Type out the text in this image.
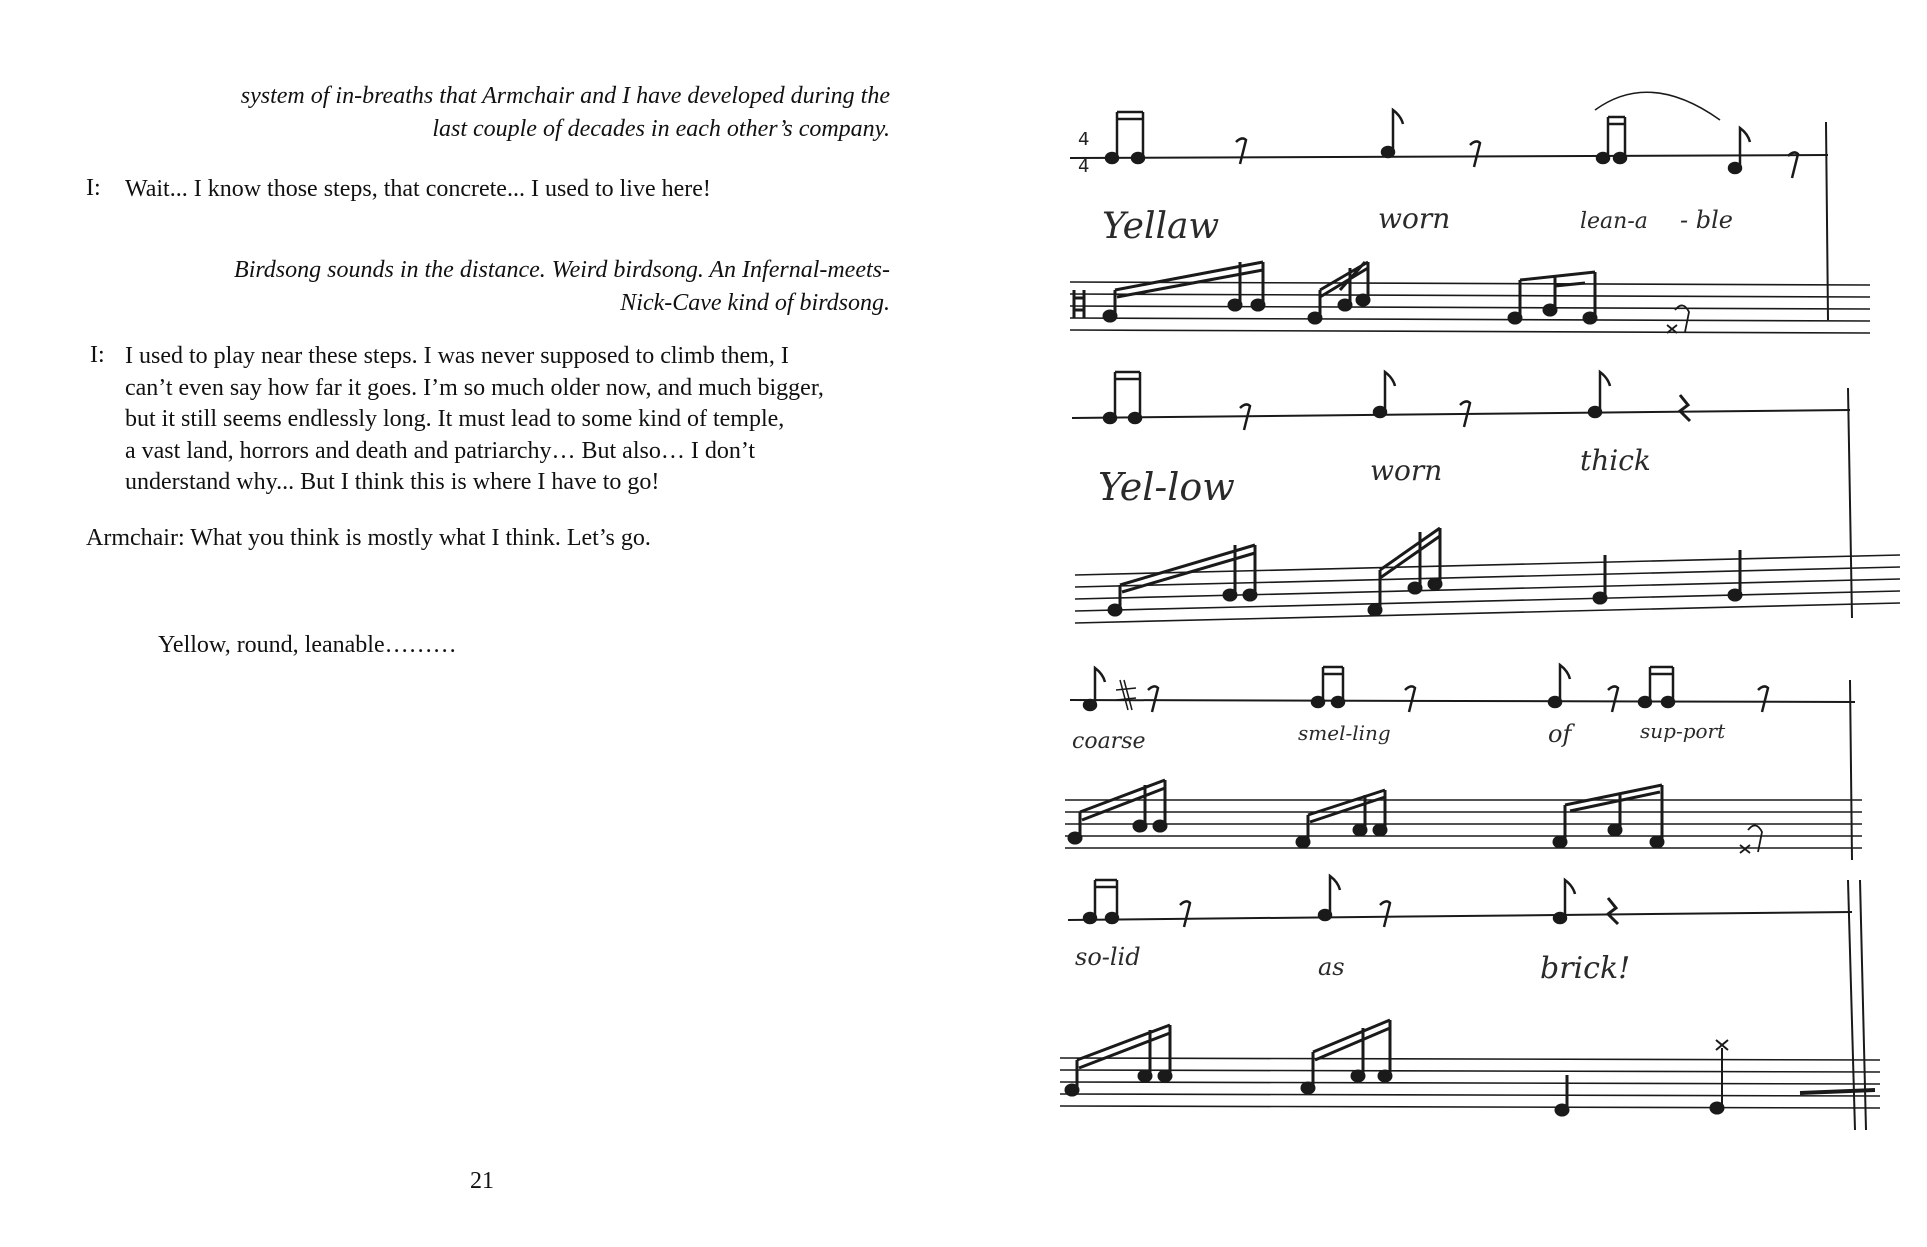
system of in-breaths that Armchair and I have developed during the
last couple of decades in each other’s company.
I: Wait... I know those steps, that concrete... I used to live here!
Birdsong sounds in the distance. Weird birdsong. An Infernal-meets-
Nick-Cave kind of birdsong.
I: I used to play near these steps. I was never supposed to climb them, I
can’t even say how far it goes. I’m so much older now, and much bigger,
but it still seems endlessly long. It must lead to some kind of temple,
a vast land, horrors and death and patriarchy… But also… I don’t
understand why... But I think this is where I have to go!
Armchair: What you think is mostly what I think. Let’s go.
Yellow, round, leanable………
21
4
4
Yellaw	worn	lean-a - ble
Yel-low	worn	thick
coarse	smel-ling	of	sup-port
so-lid	as	brick!
